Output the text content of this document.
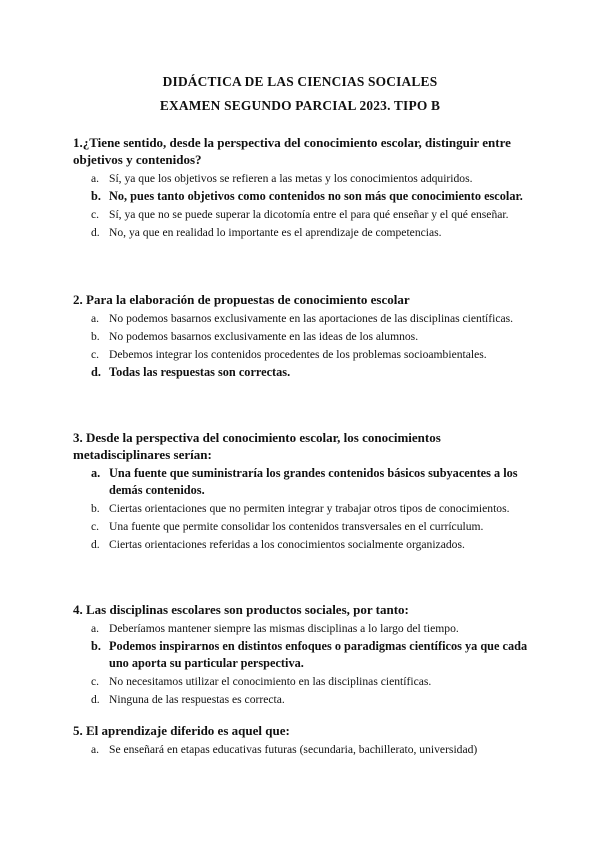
DIDÁCTICA DE LAS CIENCIAS SOCIALES
EXAMEN SEGUNDO PARCIAL 2023. TIPO B

1.¿Tiene sentido, desde la perspectiva del conocimiento escolar, distinguir entre objetivos y contenidos?

a. Sí, ya que los objetivos se refieren a las metas y los conocimientos adquiridos.
b. No, pues tanto objetivos como contenidos no son más que conocimiento escolar.
c. Sí, ya que no se puede superar la dicotomía entre el para qué enseñar y el qué enseñar.
d. No, ya que en realidad lo importante es el aprendizaje de competencias.

2. Para la elaboración de propuestas de conocimiento escolar

a. No podemos basarnos exclusivamente en las aportaciones de las disciplinas científicas.
b. No podemos basarnos exclusivamente en las ideas de los alumnos.
c. Debemos integrar los contenidos procedentes de los problemas socioambientales.
d. Todas las respuestas son correctas.

3. Desde la perspectiva del conocimiento escolar, los conocimientos metadisciplinares serían:

a. Una fuente que suministraría los grandes contenidos básicos subyacentes a los demás contenidos.
b. Ciertas orientaciones que no permiten integrar y trabajar otros tipos de conocimientos.
c. Una fuente que permite consolidar los contenidos transversales en el currículum.
d. Ciertas orientaciones referidas a los conocimientos socialmente organizados.

4. Las disciplinas escolares son productos sociales, por tanto:

a. Deberíamos mantener siempre las mismas disciplinas a lo largo del tiempo.
b. Podemos inspirarnos en distintos enfoques o paradigmas científicos ya que cada uno aporta su particular perspectiva.
c. No necesitamos utilizar el conocimiento en las disciplinas científicas.
d. Ninguna de las respuestas es correcta.

5. El aprendizaje diferido es aquel que:

a. Se enseñará en etapas educativas futuras (secundaria, bachillerato, universidad)
